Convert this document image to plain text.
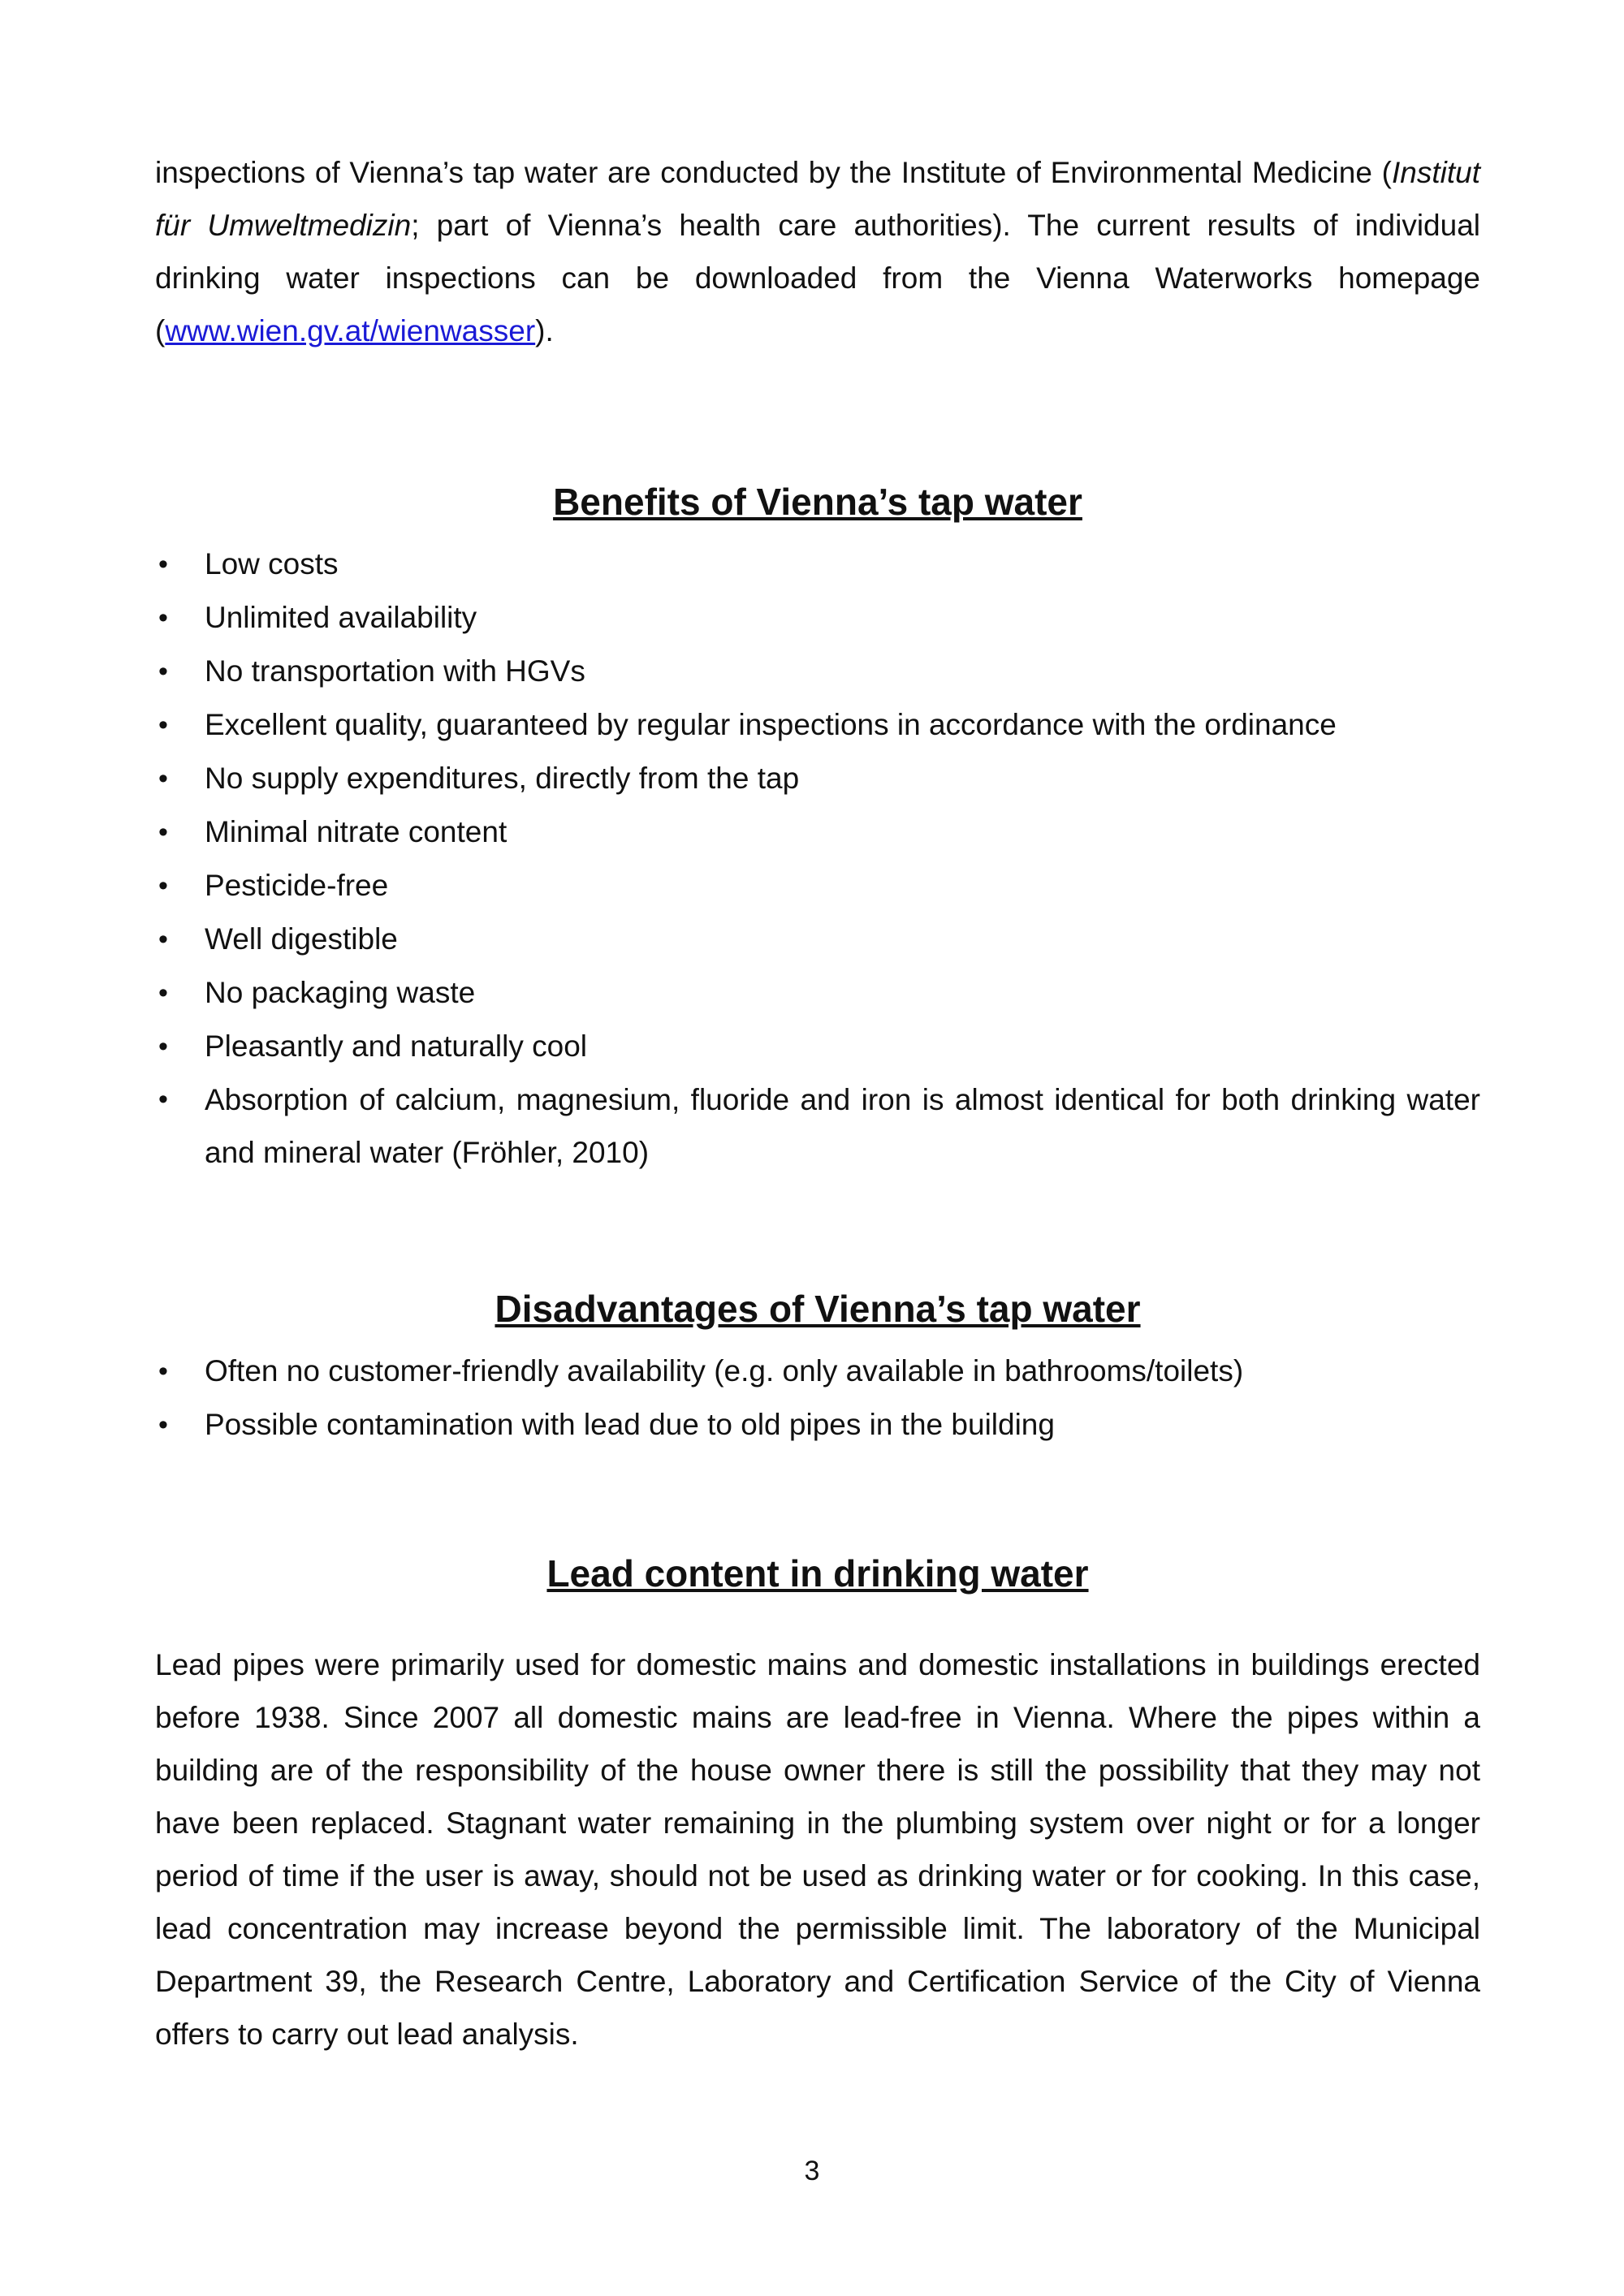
inspections of Vienna’s tap water are conducted by the Institute of Environmental Medicine (Institut für Umweltmedizin; part of Vienna’s health care authorities). The current results of individual drinking water inspections can be downloaded from the Vienna Waterworks homepage (www.wien.gv.at/wienwasser).

Benefits of Vienna’s tap water
• Low costs
• Unlimited availability
• No transportation with HGVs
• Excellent quality, guaranteed by regular inspections in accordance with the ordinance
• No supply expenditures, directly from the tap
• Minimal nitrate content
• Pesticide-free
• Well digestible
• No packaging waste
• Pleasantly and naturally cool
• Absorption of calcium, magnesium, fluoride and iron is almost identical for both drinking water and mineral water (Fröhler, 2010)
Disadvantages of Vienna’s tap water
• Often no customer-friendly availability (e.g. only available in bathrooms/toilets)
• Possible contamination with lead due to old pipes in the building
Lead content in drinking water

Lead pipes were primarily used for domestic mains and domestic installations in buildings erected before 1938. Since 2007 all domestic mains are lead-free in Vienna. Where the pipes within a building are of the responsibility of the house owner there is still the possibility that they may not have been replaced. Stagnant water remaining in the plumbing system over night or for a longer period of time if the user is away, should not be used as drinking water or for cooking. In this case, lead concentration may increase beyond the permissible limit. The laboratory of the Municipal Department 39, the Research Centre, Laboratory and Certification Service of the City of Vienna offers to carry out lead analysis.

3
